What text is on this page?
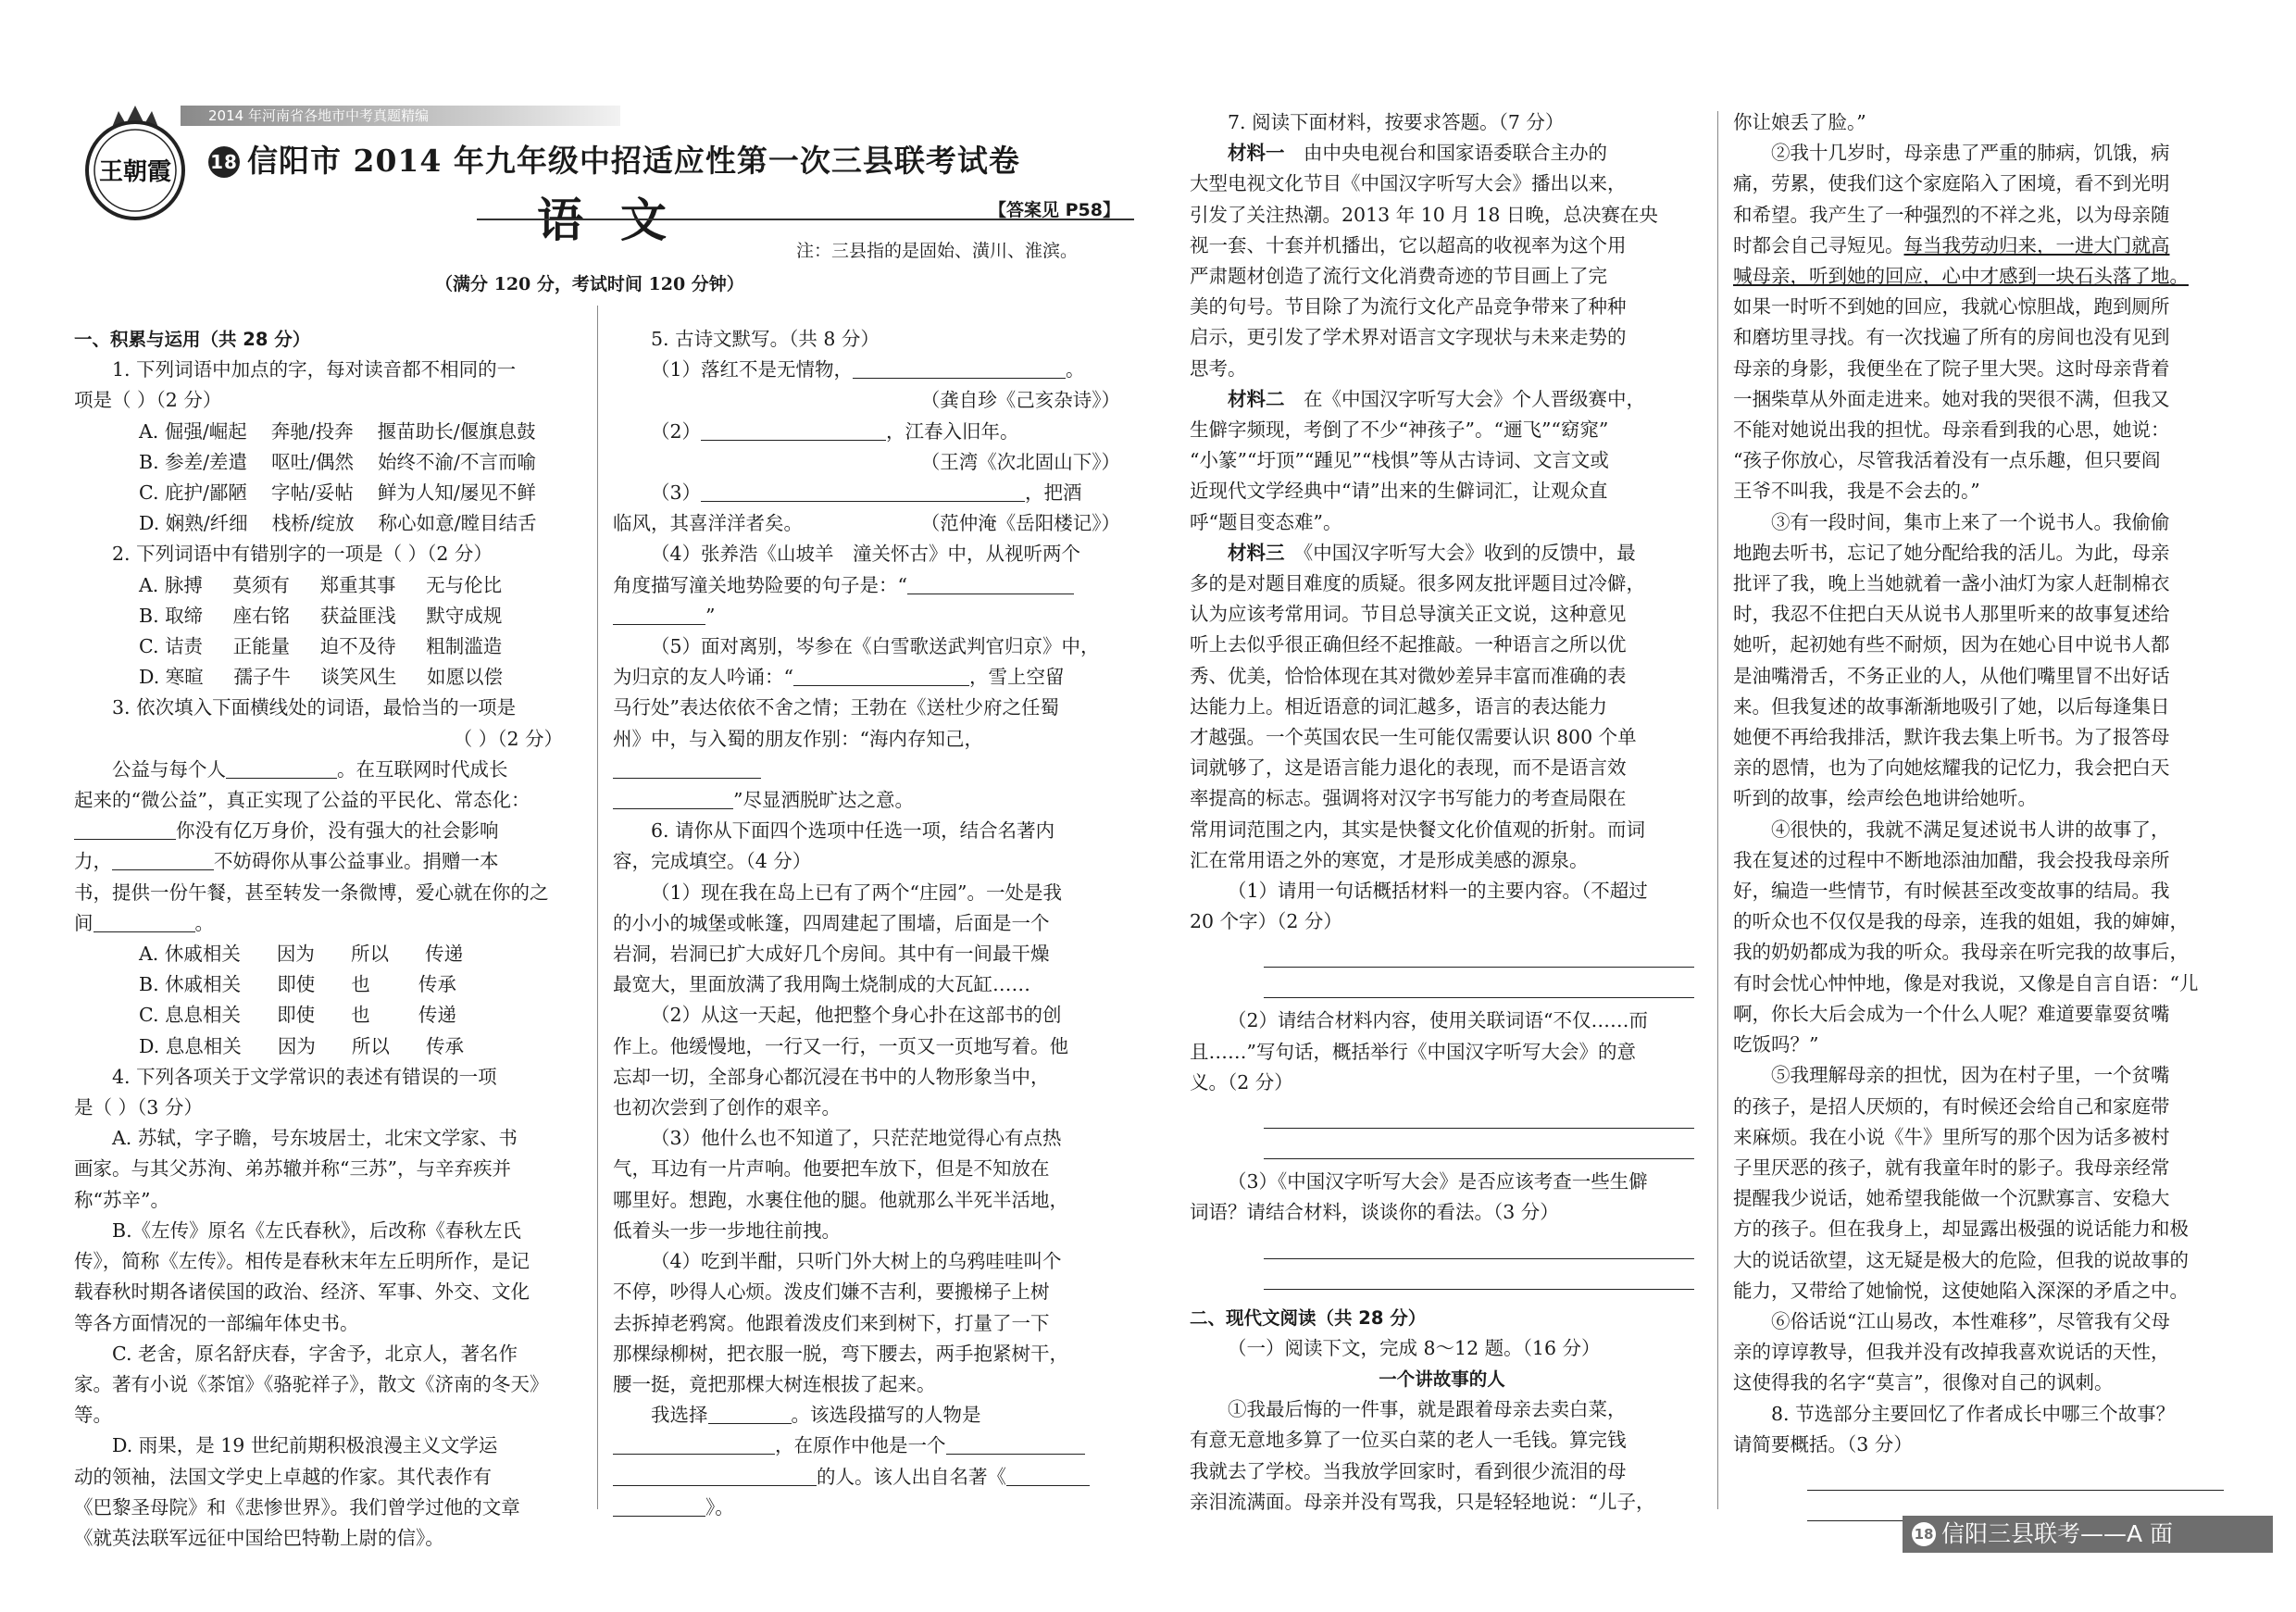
2014 年河南省各地市中考真题精编
王朝霞 18 信阳市 2014 年九年级中招适应性第一次三县联考试卷
语文	【答案见 P58】
注：三县指的是固始、潢川、淮滨。
（满分 120 分，考试时间 120 分钟）

一、积累与运用（共 28 分）

1. 下列词语中加点的字，每对读音都不相同的一

项是（ ）（2 分）

A. 倔强/崛起    奔驰/投奔    揠苗助长/偃旗息鼓

B. 参差/差遣    呕吐/偶然    始终不渝/不言而喻

C. 庇护/鄙陋    字帖/妥帖    鲜为人知/屡见不鲜

D. 娴熟/纤细    栈桥/绽放    称心如意/瞠目结舌

2. 下列词语中有错别字的一项是（ ）（2 分）

A. 脉搏     莫须有     郑重其事     无与伦比

B. 取缔     座右铭     获益匪浅     默守成规

C. 诘责     正能量     迫不及待     粗制滥造

D. 寒暄     孺子牛     谈笑风生     如愿以偿

3. 依次填入下面横线处的词语，最恰当的一项是

（ ）（2 分）

公益与每个人	。在互联网时代成长

起来的“微公益”，真正实现了公益的平民化、常态化：

你没有亿万身价，没有强大的社会影响

力，	不妨碍你从事公益事业。捐赠一本

书，提供一份午餐，甚至转发一条微博，爱心就在你的之

间	。

A. 休戚相关      因为      所以      传递

B. 休戚相关      即使      也        传承

C. 息息相关      即使      也        传递

D. 息息相关      因为      所以      传承

4. 下列各项关于文学常识的表述有错误的一项

是（ ）（3 分）

A. 苏轼，字子瞻，号东坡居士，北宋文学家、书

画家。与其父苏洵、弟苏辙并称“三苏”，与辛弃疾并

称“苏辛”。

B.《左传》原名《左氏春秋》，后改称《春秋左氏

传》，简称《左传》。相传是春秋末年左丘明所作，是记

载春秋时期各诸侯国的政治、经济、军事、外交、文化

等各方面情况的一部编年体史书。

C. 老舍，原名舒庆春，字舍予，北京人，著名作

家。著有小说《茶馆》《骆驼祥子》，散文《济南的冬天》等。

D. 雨果，是 19 世纪前期积极浪漫主义文学运

动的领袖，法国文学史上卓越的作家。其代表作有

《巴黎圣母院》和《悲惨世界》。我们曾学过他的文章

《就英法联军远征中国给巴特勒上尉的信》。

5. 古诗文默写。（共 8 分）

（1）落红不是无情物，	。

（龚自珍《己亥杂诗》）

（2）	，江春入旧年。

（王湾《次北固山下》）

（3）	，把酒

临风，其喜洋洋者矣。	（范仲淹《岳阳楼记》）

（4）张养浩《山坡羊　潼关怀古》中，从视听两个

角度描写潼关地势险要的句子是：“

”

（5）面对离别，岑参在《白雪歌送武判官归京》中，

为归京的友人吟诵：“	，雪上空留

马行处”表达依依不舍之情；王勃在《送杜少府之任蜀

州》中，与入蜀的朋友作别：“海内存知己，

”尽显洒脱旷达之意。

6. 请你从下面四个选项中任选一项，结合名著内

容，完成填空。（4 分）

（1）现在我在岛上已有了两个“庄园”。一处是我

的小小的城堡或帐篷，四周建起了围墙，后面是一个

岩洞，岩洞已扩大成好几个房间。其中有一间最干燥

最宽大，里面放满了我用陶土烧制成的大瓦缸……

（2）从这一天起，他把整个身心扑在这部书的创

作上。他缓慢地，一行又一行，一页又一页地写着。他

忘却一切，全部身心都沉浸在书中的人物形象当中，

也初次尝到了创作的艰辛。

（3）他什么也不知道了，只茫茫地觉得心有点热

气，耳边有一片声响。他要把车放下，但是不知放在

哪里好。想跑，水裹住他的腿。他就那么半死半活地，

低着头一步一步地往前拽。

（4）吃到半酣，只听门外大树上的乌鸦哇哇叫个

不停，吵得人心烦。泼皮们嫌不吉利，要搬梯子上树

去拆掉老鸦窝。他跟着泼皮们来到树下，打量了一下

那棵绿柳树，把衣服一脱，弯下腰去，两手抱紧树干，

腰一挺，竟把那棵大树连根拔了起来。

我选择	。该选段描写的人物是

，在原作中他是一个

的人。该人出自名著《

》。

7. 阅读下面材料，按要求答题。（7 分）

材料一　 由中央电视台和国家语委联合主办的

大型电视文化节目《中国汉字听写大会》播出以来，

引发了关注热潮。2013 年 10 月 18 日晚，总决赛在央

视一套、十套并机播出，它以超高的收视率为这个用

严肃题材创造了流行文化消费奇迹的节目画上了完

美的句号。节目除了为流行文化产品竞争带来了种种

启示，更引发了学术界对语言文字现状与未来走势的

思考。

材料二　 在《中国汉字听写大会》个人晋级赛中，

生僻字频现，考倒了不少“神孩子”。“逦飞”“窈窕”

“小篆”“圩顶”“踵见”“栈惧”等从古诗词、文言文或

近现代文学经典中“请”出来的生僻词汇，让观众直

呼“题目变态难”。

材料三　 《中国汉字听写大会》收到的反馈中，最

多的是对题目难度的质疑。很多网友批评题目过冷僻，

认为应该考常用词。节目总导演关正文说，这种意见

听上去似乎很正确但经不起推敲。一种语言之所以优

秀、优美，恰恰体现在其对微妙差异丰富而准确的表

达能力上。相近语意的词汇越多，语言的表达能力

才越强。一个英国农民一生可能仅需要认识 800 个单

词就够了，这是语言能力退化的表现，而不是语言效

率提高的标志。强调将对汉字书写能力的考查局限在

常用词范围之内，其实是快餐文化价值观的折射。而词

汇在常用语之外的寒宽，才是形成美感的源泉。

（1）请用一句话概括材料一的主要内容。（不超过

20 个字）（2 分）

（2）请结合材料内容，使用关联词语“不仅……而

且……”写句话，概括举行《中国汉字听写大会》的意

义。（2 分）

（3）《中国汉字听写大会》是否应该考查一些生僻

词语？请结合材料，谈谈你的看法。（3 分）

二、现代文阅读（共 28 分）

（一）阅读下文，完成 8～12 题。（16 分）

一个讲故事的人

①我最后悔的一件事，就是跟着母亲去卖白菜，

有意无意地多算了一位买白菜的老人一毛钱。算完钱

我就去了学校。当我放学回家时，看到很少流泪的母

亲泪流满面。母亲并没有骂我，只是轻轻地说：“儿子，

你让娘丢了脸。”

②我十几岁时，母亲患了严重的肺病，饥饿，病

痛，劳累，使我们这个家庭陷入了困境，看不到光明

和希望。我产生了一种强烈的不祥之兆，以为母亲随

时都会自己寻短见。每当我劳动归来，一进大门就高

喊母亲，听到她的回应，心中才感到一块石头落了地。

如果一时听不到她的回应，我就心惊胆战，跑到厕所

和磨坊里寻找。有一次找遍了所有的房间也没有见到

母亲的身影，我便坐在了院子里大哭。这时母亲背着

一捆柴草从外面走进来。她对我的哭很不满，但我又

不能对她说出我的担忧。母亲看到我的心思，她说：

“孩子你放心，尽管我活着没有一点乐趣，但只要阎

王爷不叫我，我是不会去的。”

③有一段时间，集市上来了一个说书人。我偷偷

地跑去听书，忘记了她分配给我的活儿。为此，母亲

批评了我，晚上当她就着一盏小油灯为家人赶制棉衣

时，我忍不住把白天从说书人那里听来的故事复述给

她听，起初她有些不耐烦，因为在她心目中说书人都

是油嘴滑舌，不务正业的人，从他们嘴里冒不出好话

来。但我复述的故事渐渐地吸引了她，以后每逢集日

她便不再给我排活，默许我去集上听书。为了报答母

亲的恩情，也为了向她炫耀我的记忆力，我会把白天

听到的故事，绘声绘色地讲给她听。

④很快的，我就不满足复述说书人讲的故事了，

我在复述的过程中不断地添油加醋，我会投我母亲所

好，编造一些情节，有时候甚至改变故事的结局。我

的听众也不仅仅是我的母亲，连我的姐姐，我的婶婶，

我的奶奶都成为我的听众。我母亲在听完我的故事后，

有时会忧心忡忡地，像是对我说，又像是自言自语：“儿

啊，你长大后会成为一个什么人呢？难道要靠耍贫嘴

吃饭吗？”

⑤我理解母亲的担忧，因为在村子里，一个贫嘴

的孩子，是招人厌烦的，有时候还会给自己和家庭带

来麻烦。我在小说《牛》里所写的那个因为话多被村

子里厌恶的孩子，就有我童年时的影子。我母亲经常

提醒我少说话，她希望我能做一个沉默寡言、安稳大

方的孩子。但在我身上，却显露出极强的说话能力和极

大的说话欲望，这无疑是极大的危险，但我的说故事的

能力，又带给了她愉悦，这使她陷入深深的矛盾之中。

⑥俗话说“江山易改，本性难移”，尽管我有父母

亲的谆谆教导，但我并没有改掉我喜欢说话的天性，

这使得我的名字“莫言”，很像对自己的讽刺。

8. 节选部分主要回忆了作者成长中哪三个故事？

请简要概括。（3 分）

18 信阳三县联考——A 面
